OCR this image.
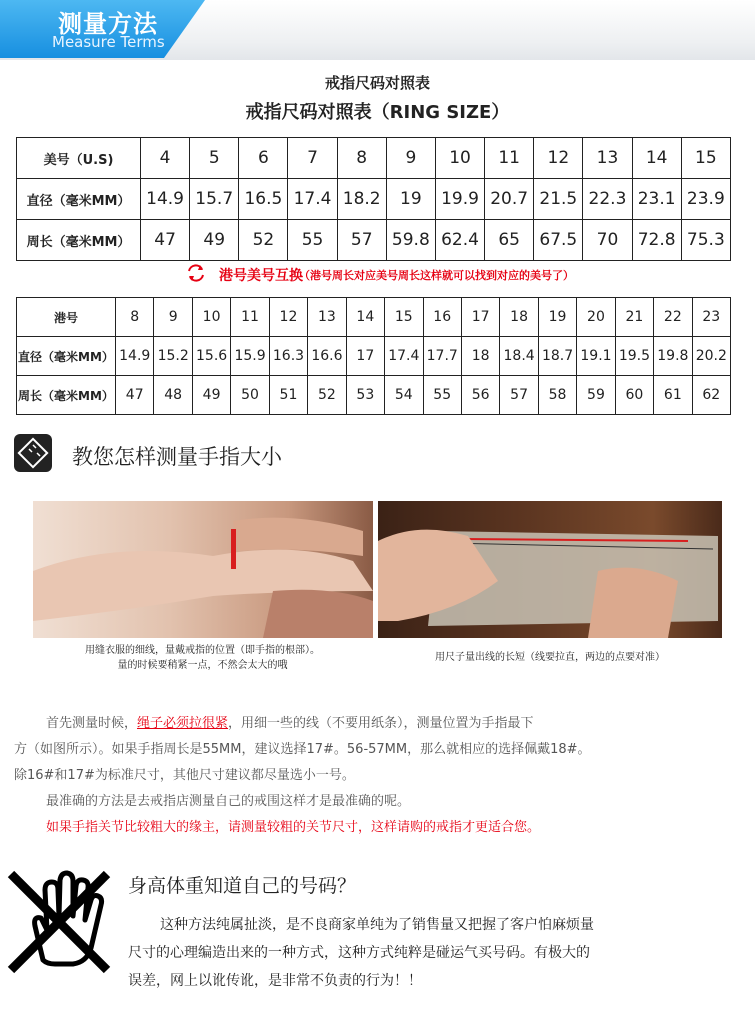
测量方法
Measure Terms
戒指尺码对照表
戒指尺码对照表（RING SIZE）
美号（U.S)	4	5	6	7	8	9	10	11	12	13	14	15
直径（毫米MM）	14.9	15.7	16.5	17.4	18.2	19	19.9	20.7	21.5	22.3	23.1	23.9
周长（毫米MM）	47	49	52	55	57	59.8	62.4	65	67.5	70	72.8	75.3
港号美号互换
（港号周长对应美号周长这样就可以找到对应的美号了）
港号	8	9	10	11	12	13	14	15	16	17	18	19	20	21	22	23
直径（毫米MM）	14.9	15.2	15.6	15.9	16.3	16.6	17	17.4	17.7	18	18.4	18.7	19.1	19.5	19.8	20.2
周长（毫米MM）	47	48	49	50	51	52	53	54	55	56	57	58	59	60	61	62
教您怎样测量手指大小
用缝衣服的细线，量戴戒指的位置（即手指的根部）。
量的时候要稍紧一点，不然会太大的哦
用尺子量出线的长短（线要拉直，两边的点要对准）
首先测量时候，绳子必须拉很紧，用细一些的线（不要用纸条），测量位置为手指最下
方（如图所示）。如果手指周长是55MM，建议选择17#。56-57MM，那么就相应的选择佩戴18#。
除16#和17#为标准尺寸，其他尺寸建议都尽量选小一号。
最准确的方法是去戒指店测量自己的戒围这样才是最准确的呢。
如果手指关节比较粗大的缘主，请测量较粗的关节尺寸，这样请购的戒指才更适合您。
身高体重知道自己的号码？
这种方法纯属扯淡，是不良商家单纯为了销售量又把握了客户怕麻烦量
尺寸的心理编造出来的一种方式，这种方式纯粹是碰运气买号码。有极大的
误差，网上以讹传讹，是非常不负责的行为！！
